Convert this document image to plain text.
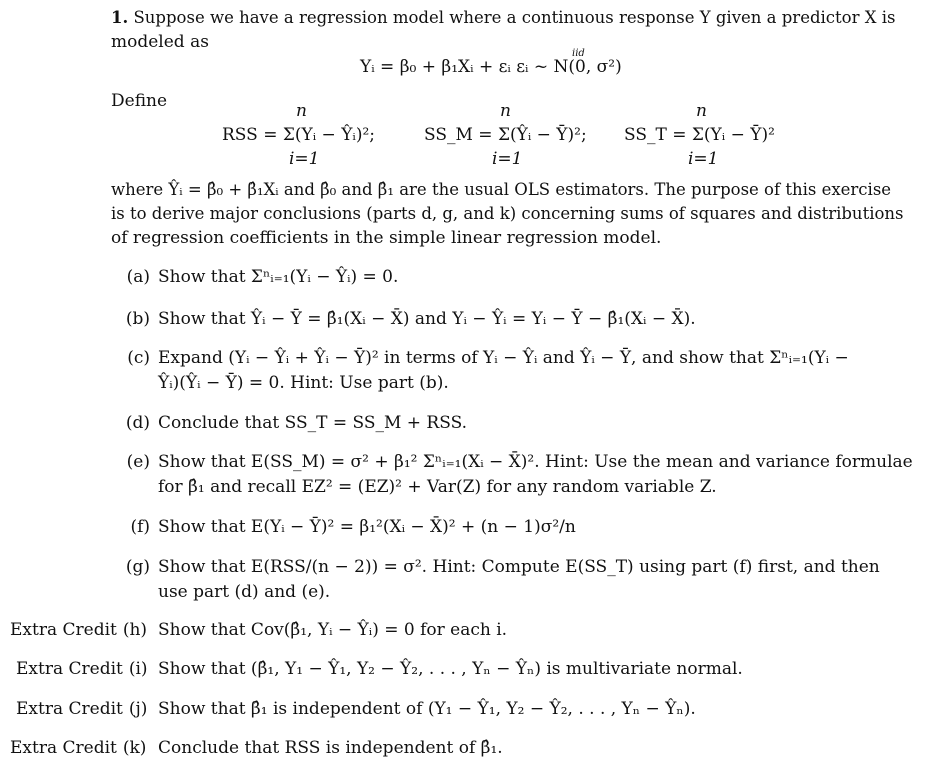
1. Suppose we have a regression model where a continuous response Y given a predictor X is
modeled as
Yᵢ = β₀ + β₁Xᵢ + εᵢ εᵢ ~ N(0, σ²)
iid
Define
RSS = Σ(Yᵢ − Ŷᵢ)²;	SS_M = Σ(Ŷᵢ − Ȳ)²; SS_T = Σ(Yᵢ − Ȳ)²
n
i=1
n
i=1
n
i=1
where Ŷᵢ = β̂₀ + β̂₁Xᵢ and β̂₀ and β̂₁ are the usual OLS estimators. The purpose of this exercise
is to derive major conclusions (parts d, g, and k) concerning sums of squares and distributions
of regression coefficients in the simple linear regression model.
(a) Show that Σⁿᵢ₌₁(Yᵢ − Ŷᵢ) = 0.
(b) Show that Ŷᵢ − Ȳ = β̂₁(Xᵢ − X̄) and Yᵢ − Ŷᵢ = Yᵢ − Ȳ − β̂₁(Xᵢ − X̄).
(c) Expand (Yᵢ − Ŷᵢ + Ŷᵢ − Ȳ)² in terms of Yᵢ − Ŷᵢ and Ŷᵢ − Ȳ, and show that Σⁿᵢ₌₁(Yᵢ −
Ŷᵢ)(Ŷᵢ − Ȳ) = 0. Hint: Use part (b).
(d) Conclude that SS_T = SS_M + RSS.
(e) Show that E(SS_M) = σ² + β₁² Σⁿᵢ₌₁(Xᵢ − X̄)². Hint: Use the mean and variance formulae
for β̂₁ and recall EZ² = (EZ)² + Var(Z) for any random variable Z.
(f) Show that E(Yᵢ − Ȳ)² = β₁²(Xᵢ − X̄)² + (n − 1)σ²/n
(g) Show that E(RSS/(n − 2)) = σ². Hint: Compute E(SS_T) using part (f) first, and then
use part (d) and (e).
Extra Credit (h) Show that Cov(β̂₁, Yᵢ − Ŷᵢ) = 0 for each i.
Extra Credit (i) Show that (β̂₁, Y₁ − Ŷ₁, Y₂ − Ŷ₂, . . . , Yₙ − Ŷₙ) is multivariate normal.
Extra Credit (j) Show that β̂₁ is independent of (Y₁ − Ŷ₁, Y₂ − Ŷ₂, . . . , Yₙ − Ŷₙ).
Extra Credit (k) Conclude that RSS is independent of β̂₁.
